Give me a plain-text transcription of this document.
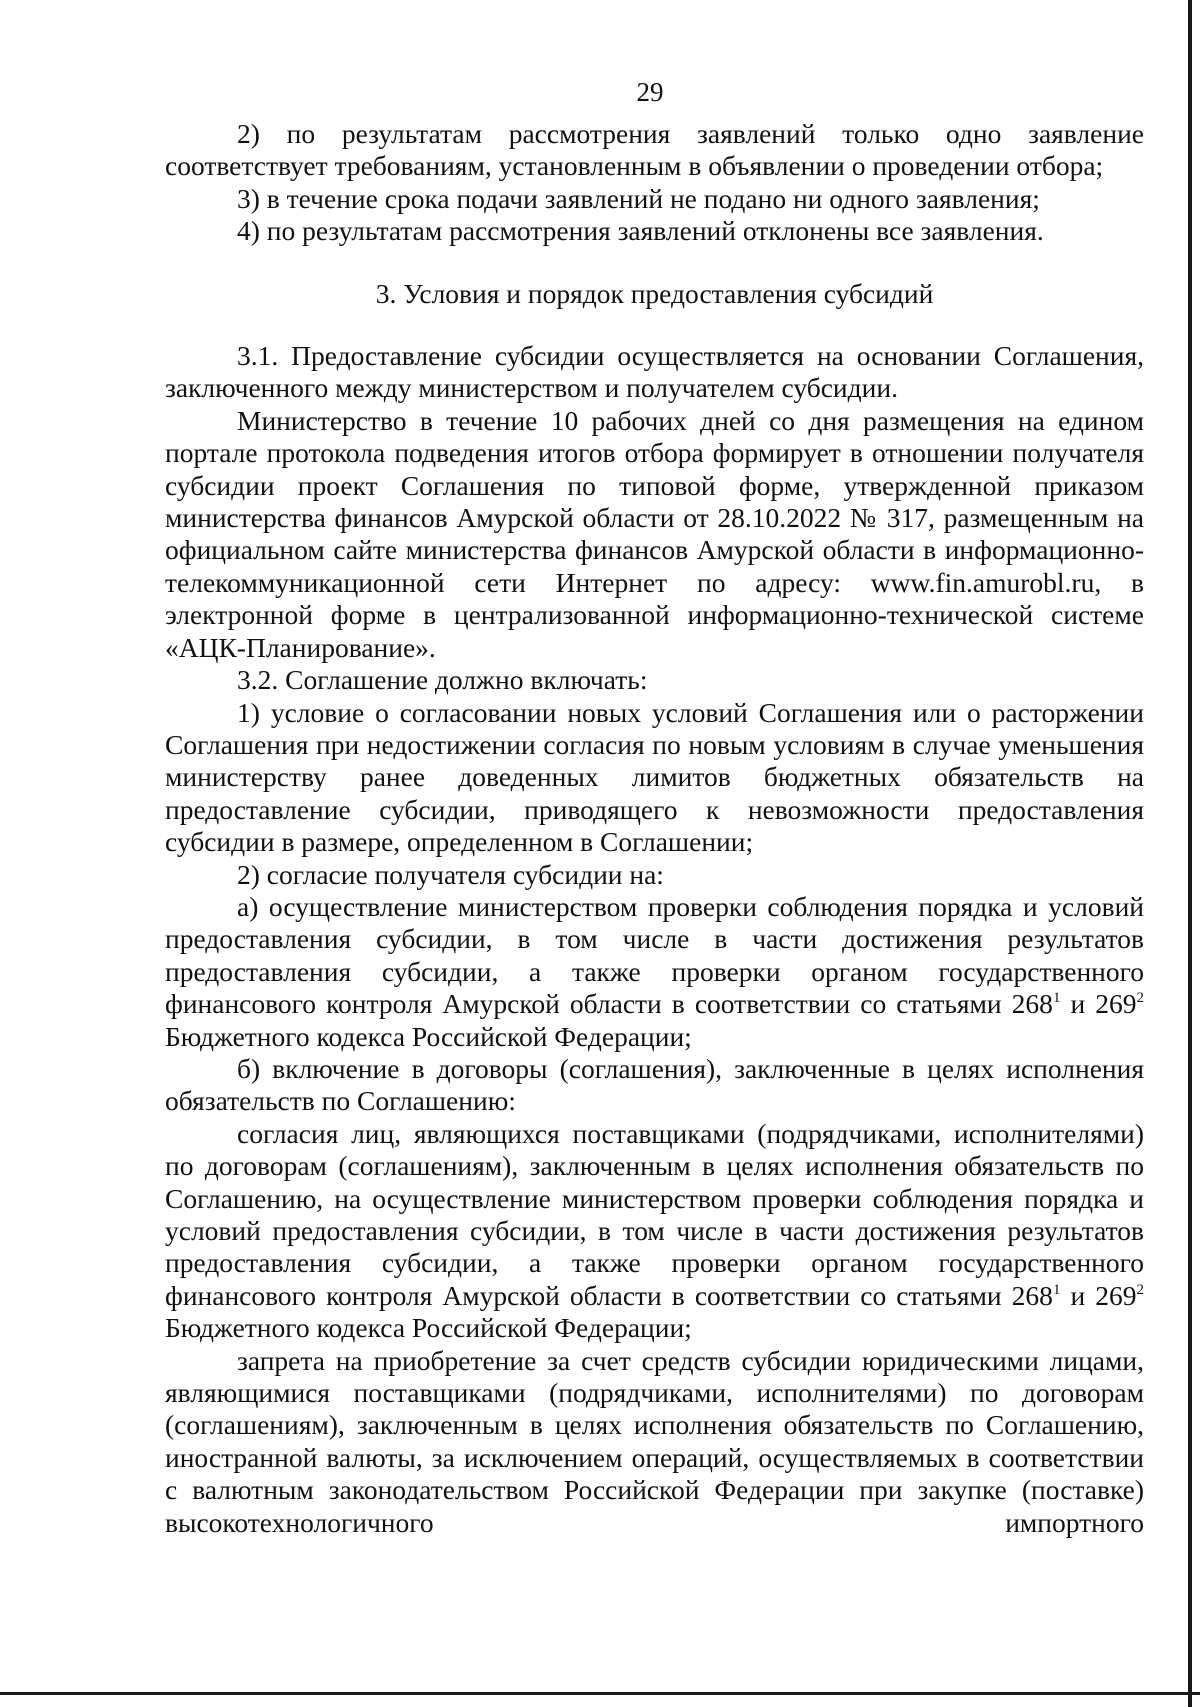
29

2) по результатам рассмотрения заявлений только одно заявление соответствует требованиям, установленным в объявлении о проведении отбора;

3) в течение срока подачи заявлений не подано ни одного заявления;

4) по результатам рассмотрения заявлений отклонены все заявления.

3. Условия и порядок предоставления субсидий

3.1. Предоставление субсидии осуществляется на основании Соглашения, заключенного между министерством и получателем субсидии.

Министерство в течение 10 рабочих дней со дня размещения на едином портале протокола подведения итогов отбора формирует в отношении получателя субсидии проект Соглашения по типовой форме, утвержденной приказом министерства финансов Амурской области от 28.10.2022 № 317, размещенным на официальном сайте министерства финансов Амурской области в информационно-телекоммуникационной сети Интернет по адресу: www.fin.amurobl.ru, в электронной форме в централизованной информационно-технической системе «АЦК-Планирование».

3.2. Соглашение должно включать:

1) условие о согласовании новых условий Соглашения или о расторжении Соглашения при недостижении согласия по новым условиям в случае уменьшения министерству ранее доведенных лимитов бюджетных обязательств на предоставление субсидии, приводящего к невозможности предоставления субсидии в размере, определенном в Соглашении;

2) согласие получателя субсидии на:

а) осуществление министерством проверки соблюдения порядка и условий предоставления субсидии, в том числе в части достижения результатов предоставления субсидии, а также проверки органом государственного финансового контроля Амурской области в соответствии со статьями $268^1$ и $269^2$ Бюджетного кодекса Российской Федерации;

б) включение в договоры (соглашения), заключенные в целях исполнения обязательств по Соглашению:

согласия лиц, являющихся поставщиками (подрядчиками, исполнителями) по договорам (соглашениям), заключенным в целях исполнения обязательств по Соглашению, на осуществление министерством проверки соблюдения порядка и условий предоставления субсидии, в том числе в части достижения результатов предоставления субсидии, а также проверки органом государственного финансового контроля Амурской области в соответствии со статьями $268^1$ и $269^2$ Бюджетного кодекса Российской Федерации;

запрета на приобретение за счет средств субсидии юридическими лицами, являющимися поставщиками (подрядчиками, исполнителями) по договорам (соглашениям), заключенным в целях исполнения обязательств по Соглашению, иностранной валюты, за исключением операций, осуществляемых в соответствии с валютным законодательством Российской Федерации при закупке (поставке) высокотехнологичного импортного
